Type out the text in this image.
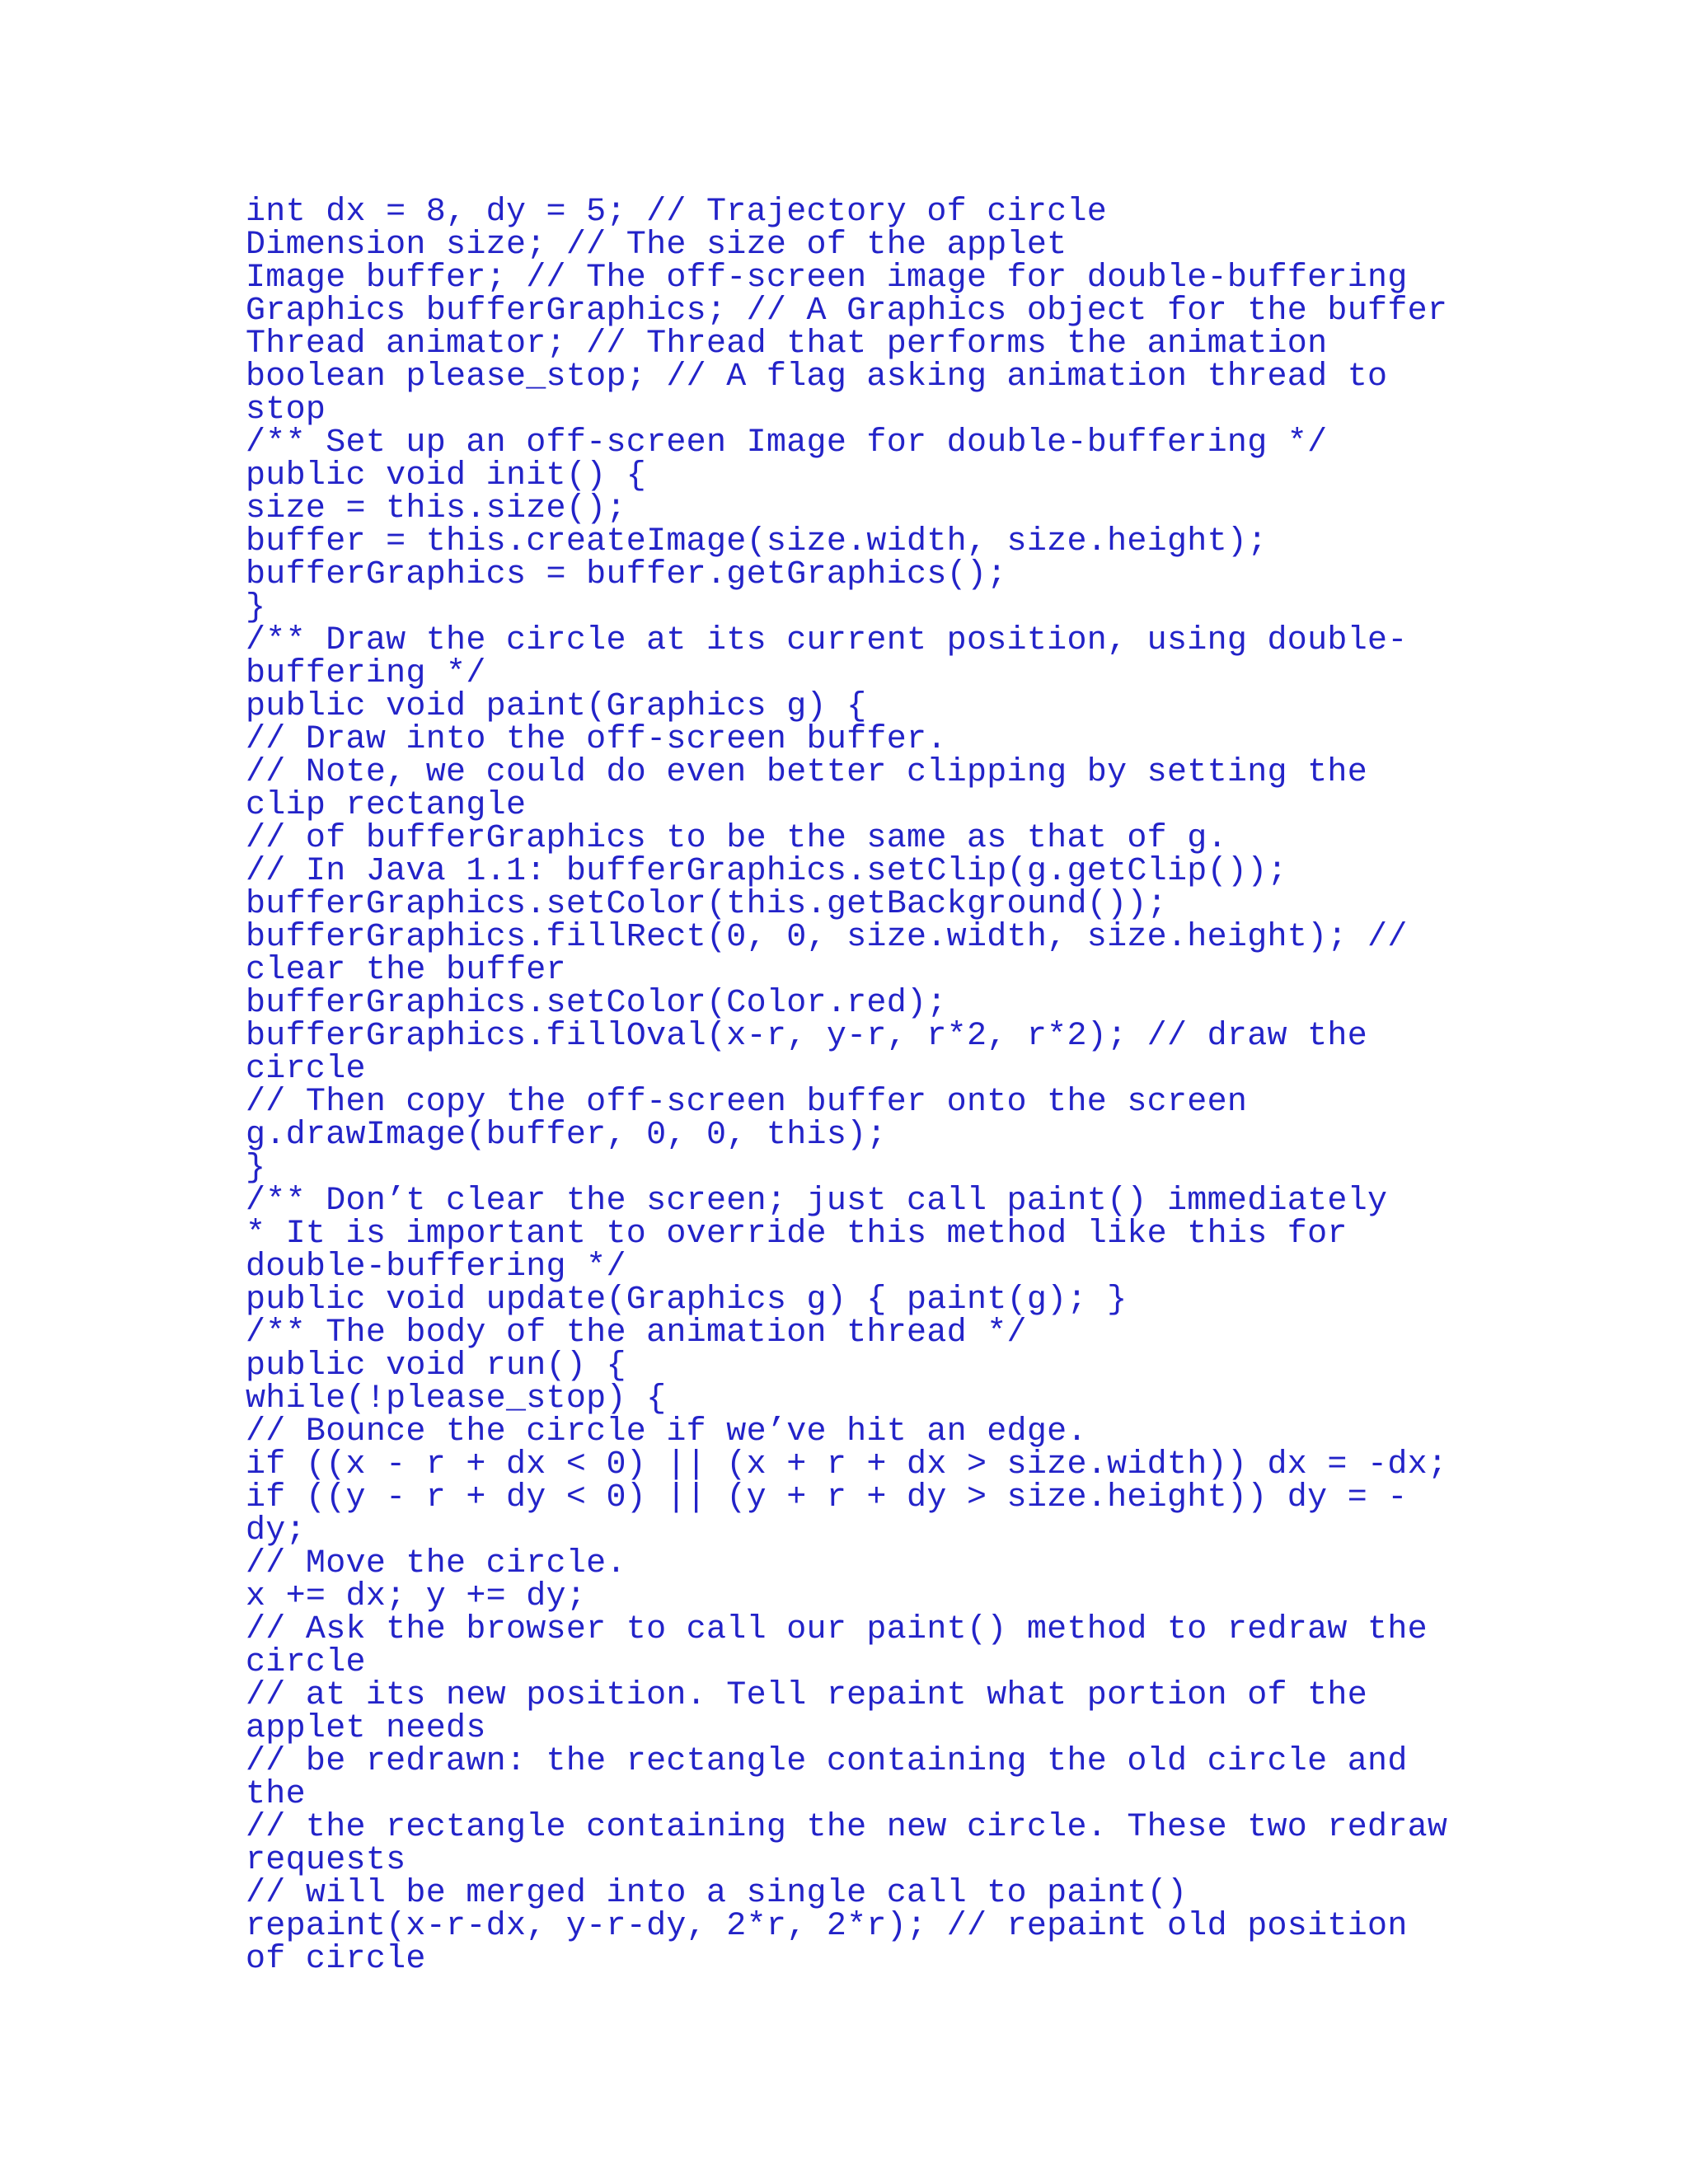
int dx = 8, dy = 5; // Trajectory of circle
Dimension size; // The size of the applet
Image buffer; // The off-screen image for double-buffering
Graphics bufferGraphics; // A Graphics object for the buffer
Thread animator; // Thread that performs the animation
boolean please_stop; // A flag asking animation thread to
stop
/** Set up an off-screen Image for double-buffering */
public void init() {
size = this.size();
buffer = this.createImage(size.width, size.height);
bufferGraphics = buffer.getGraphics();
}
/** Draw the circle at its current position, using double-
buffering */
public void paint(Graphics g) {
// Draw into the off-screen buffer.
// Note, we could do even better clipping by setting the
clip rectangle
// of bufferGraphics to be the same as that of g.
// In Java 1.1: bufferGraphics.setClip(g.getClip());
bufferGraphics.setColor(this.getBackground());
bufferGraphics.fillRect(0, 0, size.width, size.height); //
clear the buffer
bufferGraphics.setColor(Color.red);
bufferGraphics.fillOval(x-r, y-r, r*2, r*2); // draw the
circle
// Then copy the off-screen buffer onto the screen
g.drawImage(buffer, 0, 0, this);
}
/** Don’t clear the screen; just call paint() immediately
* It is important to override this method like this for
double-buffering */
public void update(Graphics g) { paint(g); }
/** The body of the animation thread */
public void run() {
while(!please_stop) {
// Bounce the circle if we’ve hit an edge.
if ((x - r + dx < 0) || (x + r + dx > size.width)) dx = -dx;
if ((y - r + dy < 0) || (y + r + dy > size.height)) dy = -
dy;
// Move the circle.
x += dx; y += dy;
// Ask the browser to call our paint() method to redraw the
circle
// at its new position. Tell repaint what portion of the
applet needs
// be redrawn: the rectangle containing the old circle and
the
// the rectangle containing the new circle. These two redraw
requests
// will be merged into a single call to paint()
repaint(x-r-dx, y-r-dy, 2*r, 2*r); // repaint old position
of circle
